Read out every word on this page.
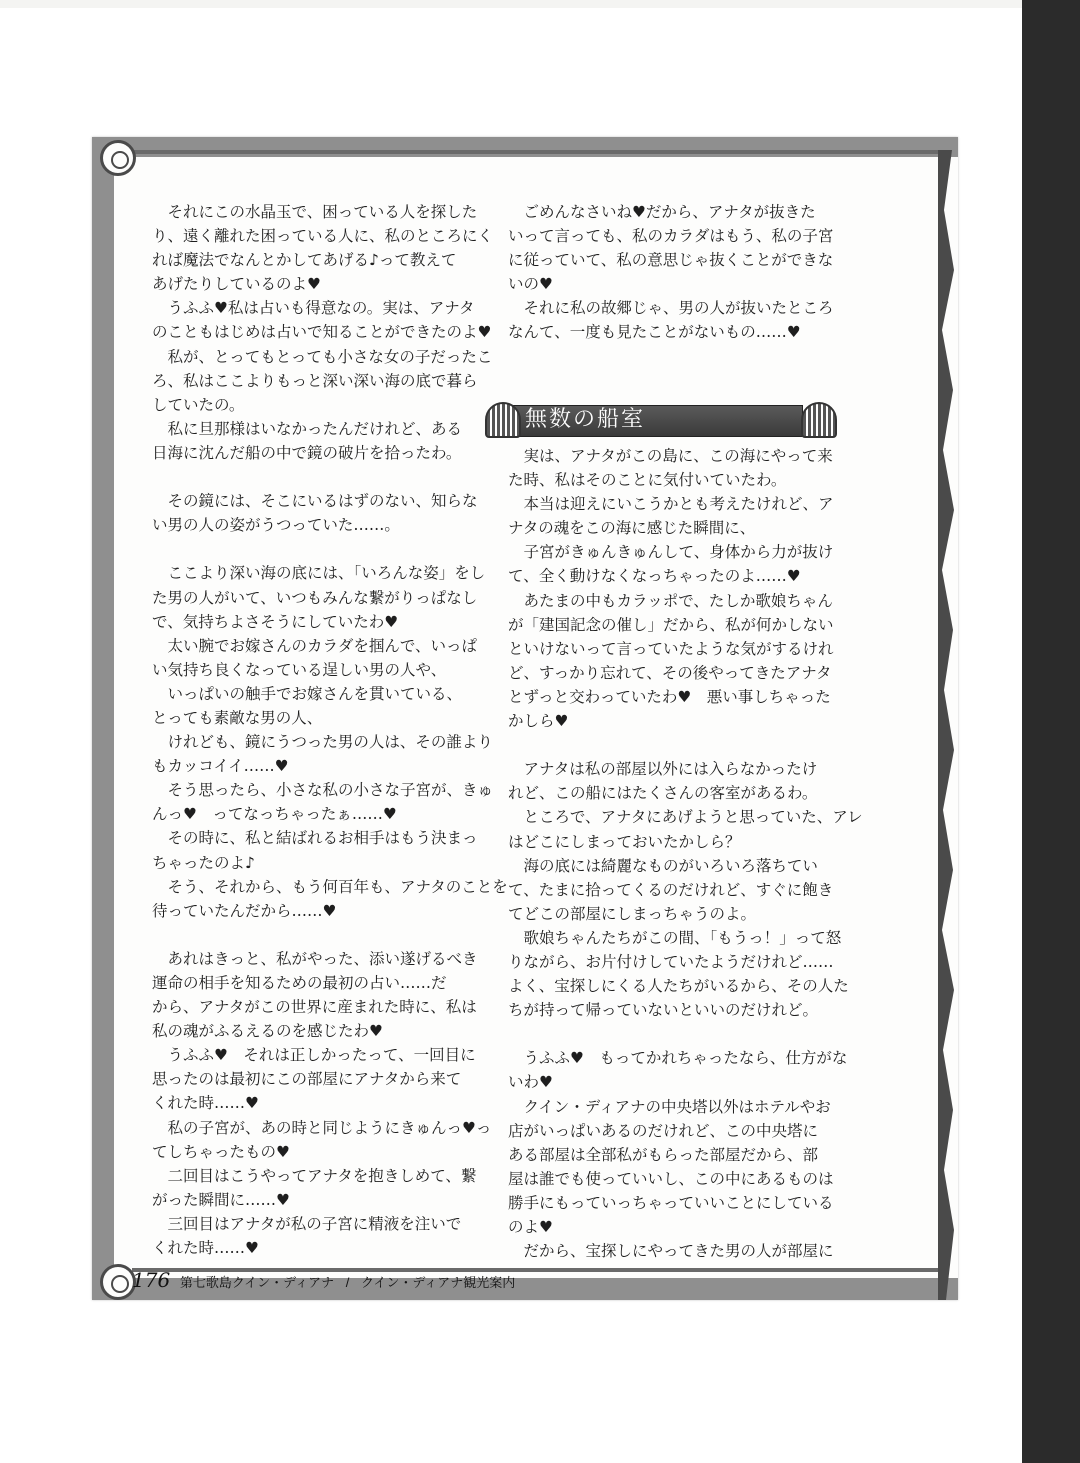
　それにこの水晶玉で、困っている人を探した
り、遠く離れた困っている人に、私のところにく
れば魔法でなんとかしてあげる♪って教えて
あげたりしているのよ♥
　うふふ♥私は占いも得意なの。実は、アナタ
のこともはじめは占いで知ることができたのよ♥
　私が、とってもとっても小さな女の子だったこ
ろ、私はここよりもっと深い深い海の底で暮ら
していたの。
　私に旦那様はいなかったんだけれど、ある
日海に沈んだ船の中で鏡の破片を拾ったわ。
　その鏡には、そこにいるはずのない、知らな
い男の人の姿がうつっていた……。
　ここより深い海の底には、「いろんな姿」をし
た男の人がいて、いつもみんな繋がりっぱなし
で、気持ちよさそうにしていたわ♥
　太い腕でお嫁さんのカラダを掴んで、いっぱ
い気持ち良くなっている逞しい男の人や、
　いっぱいの触手でお嫁さんを貫いている、
とっても素敵な男の人、
　けれども、鏡にうつった男の人は、その誰より
もカッコイイ……♥
　そう思ったら、小さな私の小さな子宮が、きゅ
んっ♥　ってなっちゃったぁ……♥
　その時に、私と結ばれるお相手はもう決まっ
ちゃったのよ♪
　そう、それから、もう何百年も、アナタのことを
待っていたんだから……♥
　あれはきっと、私がやった、添い遂げるべき
運命の相手を知るための最初の占い……だ
から、アナタがこの世界に産まれた時に、私は
私の魂がふるえるのを感じたわ♥
　うふふ♥　それは正しかったって、一回目に
思ったのは最初にこの部屋にアナタから来て
くれた時……♥
　私の子宮が、あの時と同じようにきゅんっ♥っ
てしちゃったもの♥
　二回目はこうやってアナタを抱きしめて、繋
がった瞬間に……♥
　三回目はアナタが私の子宮に精液を注いで
くれた時……♥
　ごめんなさいね♥だから、アナタが抜きた
いって言っても、私のカラダはもう、私の子宮
に従っていて、私の意思じゃ抜くことができな
いの♥
　それに私の故郷じゃ、男の人が抜いたところ
なんて、一度も見たことがないもの……♥
無数の船室
　実は、アナタがこの島に、この海にやって来
た時、私はそのことに気付いていたわ。
　本当は迎えにいこうかとも考えたけれど、ア
ナタの魂をこの海に感じた瞬間に、
　子宮がきゅんきゅんして、身体から力が抜け
て、全く動けなくなっちゃったのよ……♥
　あたまの中もカラッポで、たしか歌娘ちゃん
が「建国記念の催し」だから、私が何かしない
といけないって言っていたような気がするけれ
ど、すっかり忘れて、その後やってきたアナタ
とずっと交わっていたわ♥　悪い事しちゃった
かしら♥
　アナタは私の部屋以外には入らなかったけ
れど、この船にはたくさんの客室があるわ。
　ところで、アナタにあげようと思っていた、アレ
はどこにしまっておいたかしら？
　海の底には綺麗なものがいろいろ落ちてい
て、たまに拾ってくるのだけれど、すぐに飽き
てどこの部屋にしまっちゃうのよ。
　歌娘ちゃんたちがこの間、「もうっ！」って怒
りながら、お片付けしていたようだけれど……
よく、宝探しにくる人たちがいるから、その人た
ちが持って帰っていないといいのだけれど。
　うふふ♥　もってかれちゃったなら、仕方がな
いわ♥
　クイン・ディアナの中央塔以外はホテルやお
店がいっぱいあるのだけれど、この中央塔に
ある部屋は全部私がもらった部屋だから、部
屋は誰でも使っていいし、この中にあるものは
勝手にもっていっちゃっていいことにしている
のよ♥
　だから、宝探しにやってきた男の人が部屋に
176 第七歌島クイン・ディアナ / クイン・ディアナ観光案内
